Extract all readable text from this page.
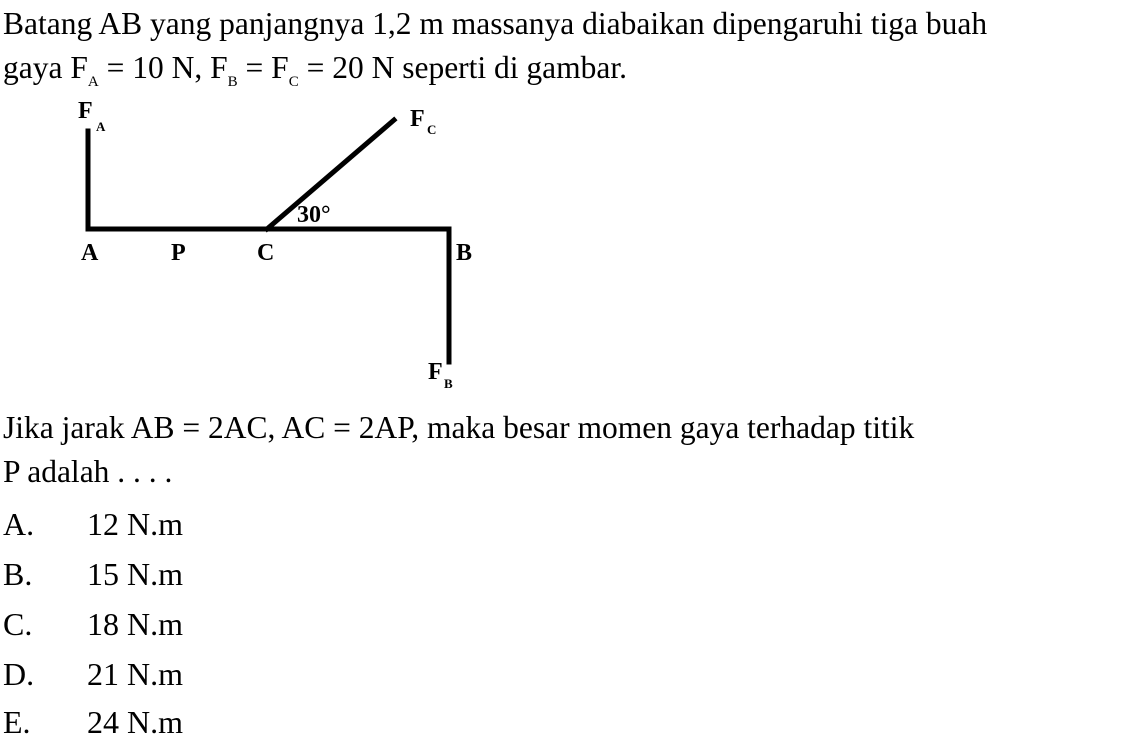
Batang AB yang panjangnya 1,2 m massanya diabaikan dipengaruhi tiga buah
gaya $F_A = 10$ N, $F_B = F_C = 20$ N seperti di gambar.
F
A	F C
30°
A	P	C	B
F B
Jika jarak AB = 2AC, AC = 2AP, maka besar momen gaya terhadap titik
P adalah . . . .
A. 12 N.m
B. 15 N.m
C. 18 N.m
D. 21 N.m
E. 24 N.m
